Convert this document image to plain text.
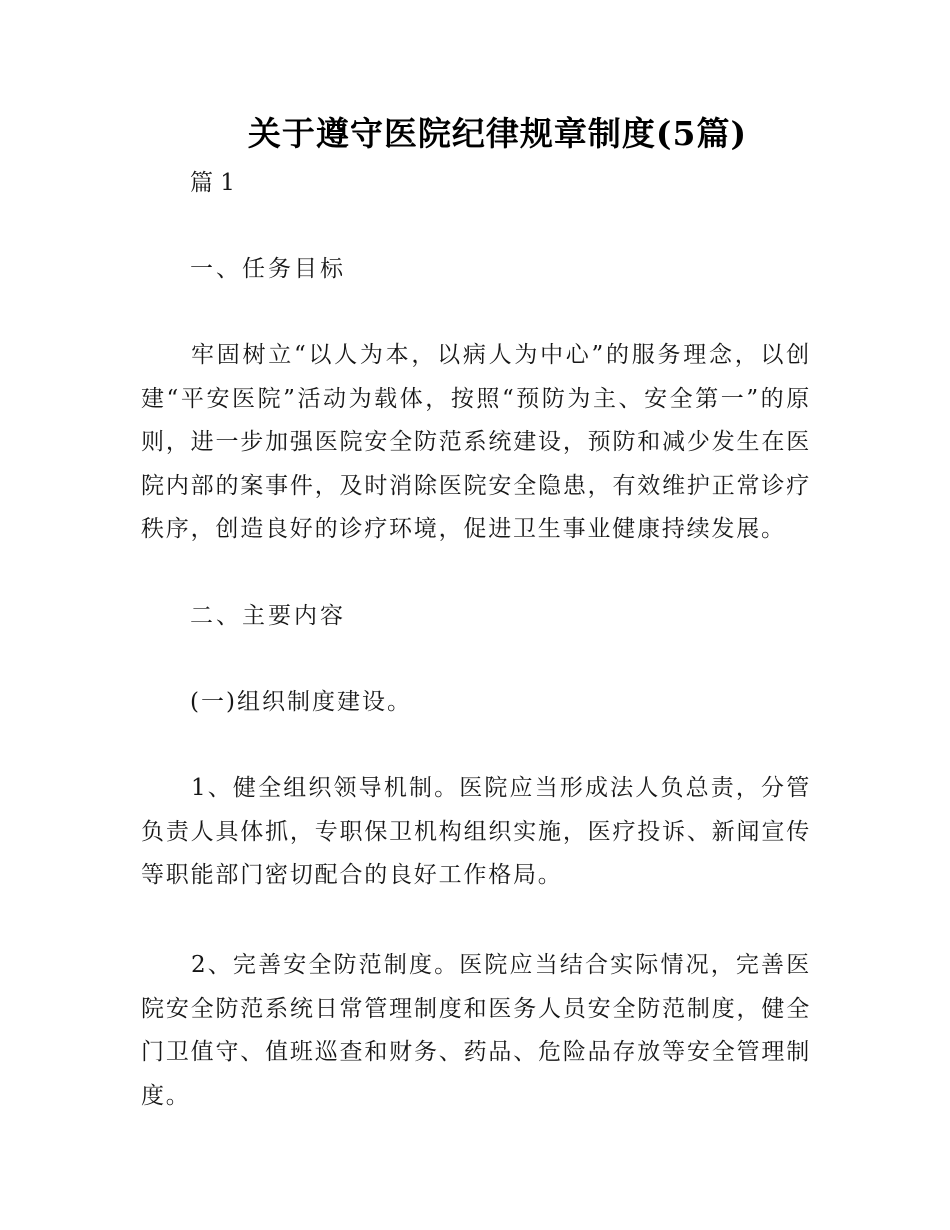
关于遵守医院纪律规章制度(5篇)
篇 1
一、任务目标

牢固树立“以人为本，以病人为中心”的服务理念，以创建“平安医院”活动为载体，按照“预防为主、安全第一”的原则，进一步加强医院安全防范系统建设，预防和减少发生在医院内部的案事件，及时消除医院安全隐患，有效维护正常诊疗秩序，创造良好的诊疗环境，促进卫生事业健康持续发展。

二、主要内容
(一)组织制度建设。

1、健全组织领导机制。医院应当形成法人负总责，分管负责人具体抓，专职保卫机构组织实施，医疗投诉、新闻宣传等职能部门密切配合的良好工作格局。

2、完善安全防范制度。医院应当结合实际情况，完善医院安全防范系统日常管理制度和医务人员安全防范制度，健全门卫值守、值班巡查和财务、药品、危险品存放等安全管理制度。
